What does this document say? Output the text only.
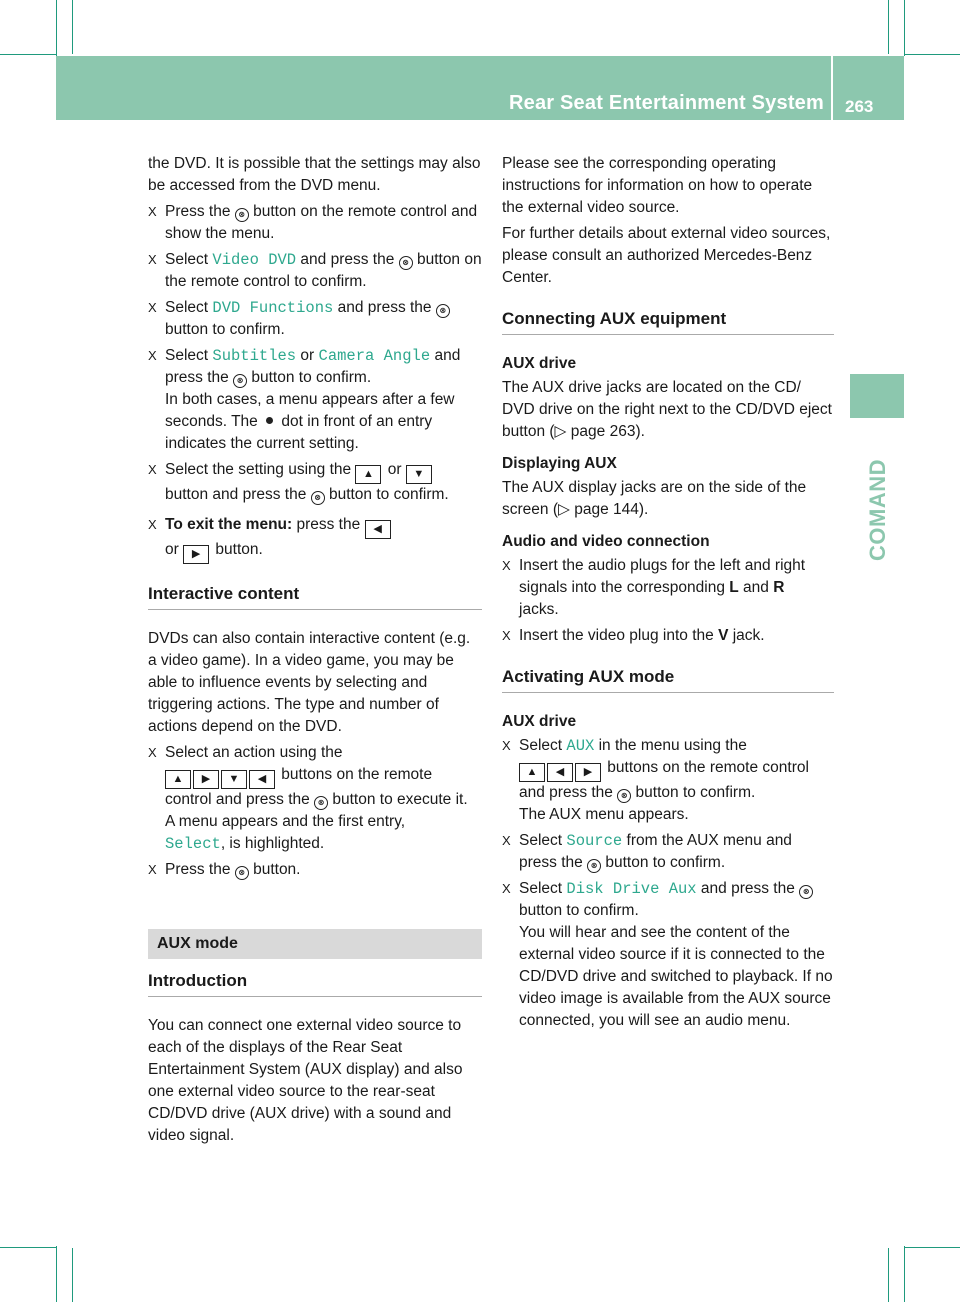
Rear Seat Entertainment System 263
COMAND

the DVD. It is possible that the settings may also be accessed from the DVD menu.

X Press the ⊗ button on the remote control and show the menu.
X Select Video DVD and press the ⊗ button on the remote control to confirm.
X Select DVD Functions and press the ⊗
button to confirm.
X Select Subtitles or Camera Angle and press the ⊗ button to confirm.
In both cases, a menu appears after a few seconds. The  dot in front of an entry indicates the current setting.
X Select the setting using the ▲ or ▼
button and press the ⊗ button to confirm.
X To exit the menu: press the ◀
or ▶ button.
Interactive content

DVDs can also contain interactive content (e.g. a video game). In a video game, you may be able to influence events by selecting and triggering actions. The type and number of actions depend on the DVD.

X Select an action using the
▲ ▶ ▼ ◀ buttons on the remote control and press the ⊗ button to execute it.
A menu appears and the first entry,
Select, is highlighted.
X Press the ⊗ button.
AUX mode
Introduction

You can connect one external video source to each of the displays of the Rear Seat Entertainment System (AUX display) and also one external video source to the rear-seat CD/DVD drive (AUX drive) with a sound and video signal.

Please see the corresponding operating instructions for information on how to operate the external video source.

For further details about external video sources, please consult an authorized Mercedes-Benz Center.

Connecting AUX equipment
AUX drive

The AUX drive jacks are located on the CD/ DVD drive on the right next to the CD/DVD eject button (▷ page 263).

Displaying AUX

The AUX display jacks are on the side of the screen (▷ page 144).

Audio and video connection
X Insert the audio plugs for the left and right signals into the corresponding L and R
jacks.
X Insert the video plug into the V jack.
Activating AUX mode
AUX drive
X Select AUX in the menu using the
▲ ◀ ▶ buttons on the remote control and press the ⊗ button to confirm.
The AUX menu appears.
X Select Source from the AUX menu and press the ⊗ button to confirm.
X Select Disk Drive Aux and press the ⊗
button to confirm.
You will hear and see the content of the external video source if it is connected to the CD/DVD drive and switched to playback. If no video image is available from the AUX source connected, you will see an audio menu.
